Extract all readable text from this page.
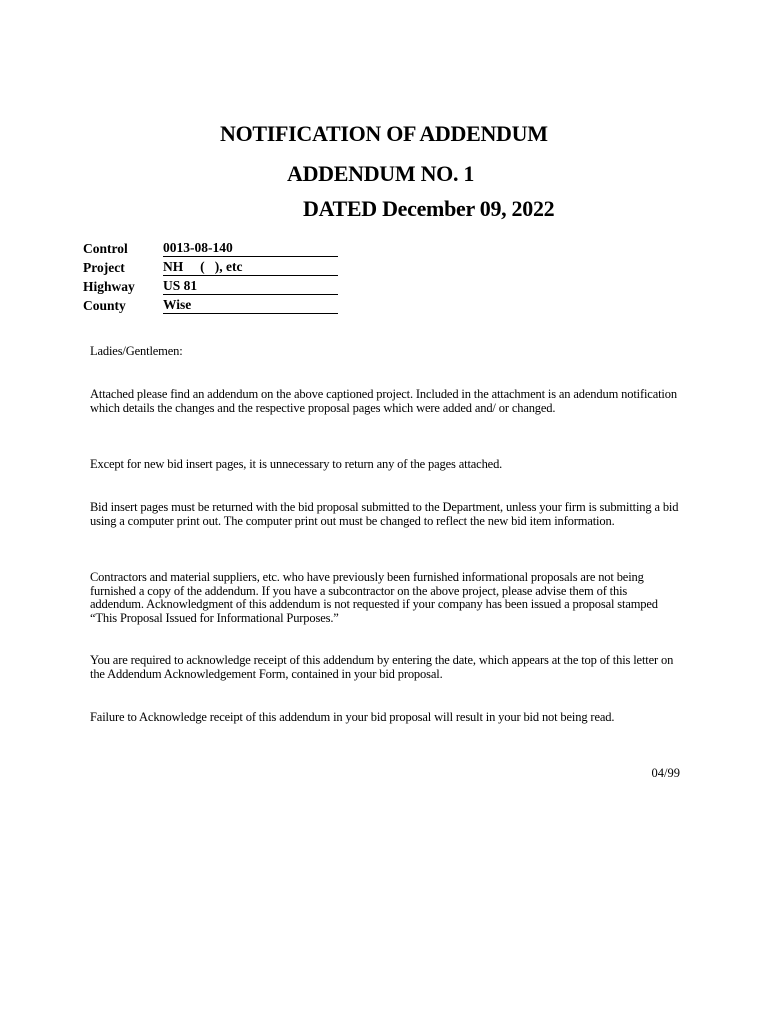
NOTIFICATION OF ADDENDUM
ADDENDUM NO. 1
DATED December 09, 2022
Control	0013-08-140
Project	NH     (   ), etc
Highway	US 81
County	Wise
Ladies/Gentlemen:
Attached please find an addendum on the above captioned project. Included in the attachment is an adendum notification which details the changes and the respective proposal pages which were added and/ or changed.
Except for new bid insert pages, it is unnecessary to return any of the pages attached.
Bid insert pages must be returned with the bid proposal submitted to the Department, unless your firm is submitting a bid using a computer print out. The computer print out must be changed to reflect the new bid item information.
Contractors and material suppliers, etc. who have previously been furnished informational proposals are not being furnished a copy of the addendum. If you have a subcontractor on the above project, please advise them of this addendum. Acknowledgment of this addendum is not requested if your company has been issued a proposal stamped “This Proposal Issued for Informational Purposes.”
You are required to acknowledge receipt of this addendum by entering the date, which appears at the top of this letter on the Addendum Acknowledgement Form, contained in your bid proposal.
Failure to Acknowledge receipt of this addendum in your bid proposal will result in your bid not being read.
04/99
